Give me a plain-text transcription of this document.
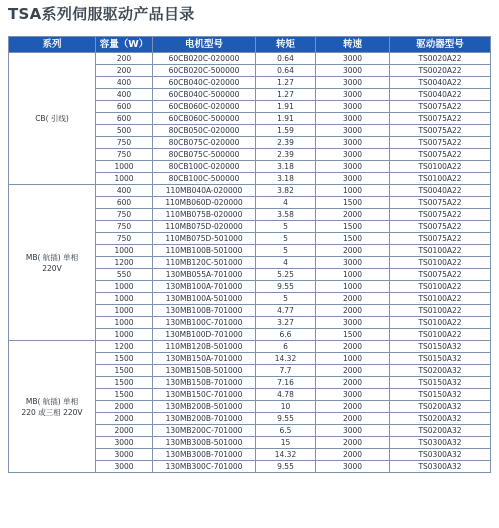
TSA系列伺服驱动产品目录
系列	容量（W）	电机型号	转矩	转速	驱动器型号
CB( 引线)	200	60CB020C-020000	0.64	3000	TS0020A22
	200	60CB020C-500000	0.64	3000	TS0020A22
	400	60CB040C-020000	1.27	3000	TS0040A22
	400	60CB040C-500000	1.27	3000	TS0040A22
	600	60CB060C-020000	1.91	3000	TS0075A22
	600	60CB060C-500000	1.91	3000	TS0075A22
	500	80CB050C-020000	1.59	3000	TS0075A22
	750	80CB075C-020000	2.39	3000	TS0075A22
	750	80CB075C-500000	2.39	3000	TS0075A22
	1000	80CB100C-020000	3.18	3000	TS0100A22
	1000	80CB100C-500000	3.18	3000	TS0100A22
MB( 航插) 单相
220V	400	110MB040A-020000	3.82	1000	TS0040A22
	600	110MB060D-020000	4	1500	TS0075A22
	750	110MB075B-020000	3.58	2000	TS0075A22
	750	110MB075D-020000	5	1500	TS0075A22
	750	110MB075D-501000	5	1500	TS0075A22
	1000	110MB100B-501000	5	2000	TS0100A22
	1200	110MB120C-501000	4	3000	TS0100A22
	550	130MB055A-701000	5.25	1000	TS0075A22
	1000	130MB100A-701000	9.55	1000	TS0100A22
	1000	130MB100A-501000	5	2000	TS0100A22
	1000	130MB100B-701000	4.77	2000	TS0100A22
	1000	130MB100C-701000	3.27	3000	TS0100A22
	1000	130MB100D-701000	6.6	1500	TS0100A22
MB( 航插) 单相
220 或三相 220V	1200	110MB120B-501000	6	2000	TS0150A32
	1500	130MB150A-701000	14.32	1000	TS0150A32
	1500	130MB150B-501000	7.7	2000	TS0200A32
	1500	130MB150B-701000	7.16	2000	TS0150A32
	1500	130MB150C-701000	4.78	3000	TS0150A32
	2000	130MB200B-501000	10	2000	TS0200A32
	2000	130MB200B-701000	9.55	2000	TS0200A32
	2000	130MB200C-701000	6.5	3000	TS0200A32
	3000	130MB300B-501000	15	2000	TS0300A32
	3000	130MB300B-701000	14.32	2000	TS0300A32
	3000	130MB300C-701000	9.55	3000	TS0300A32
